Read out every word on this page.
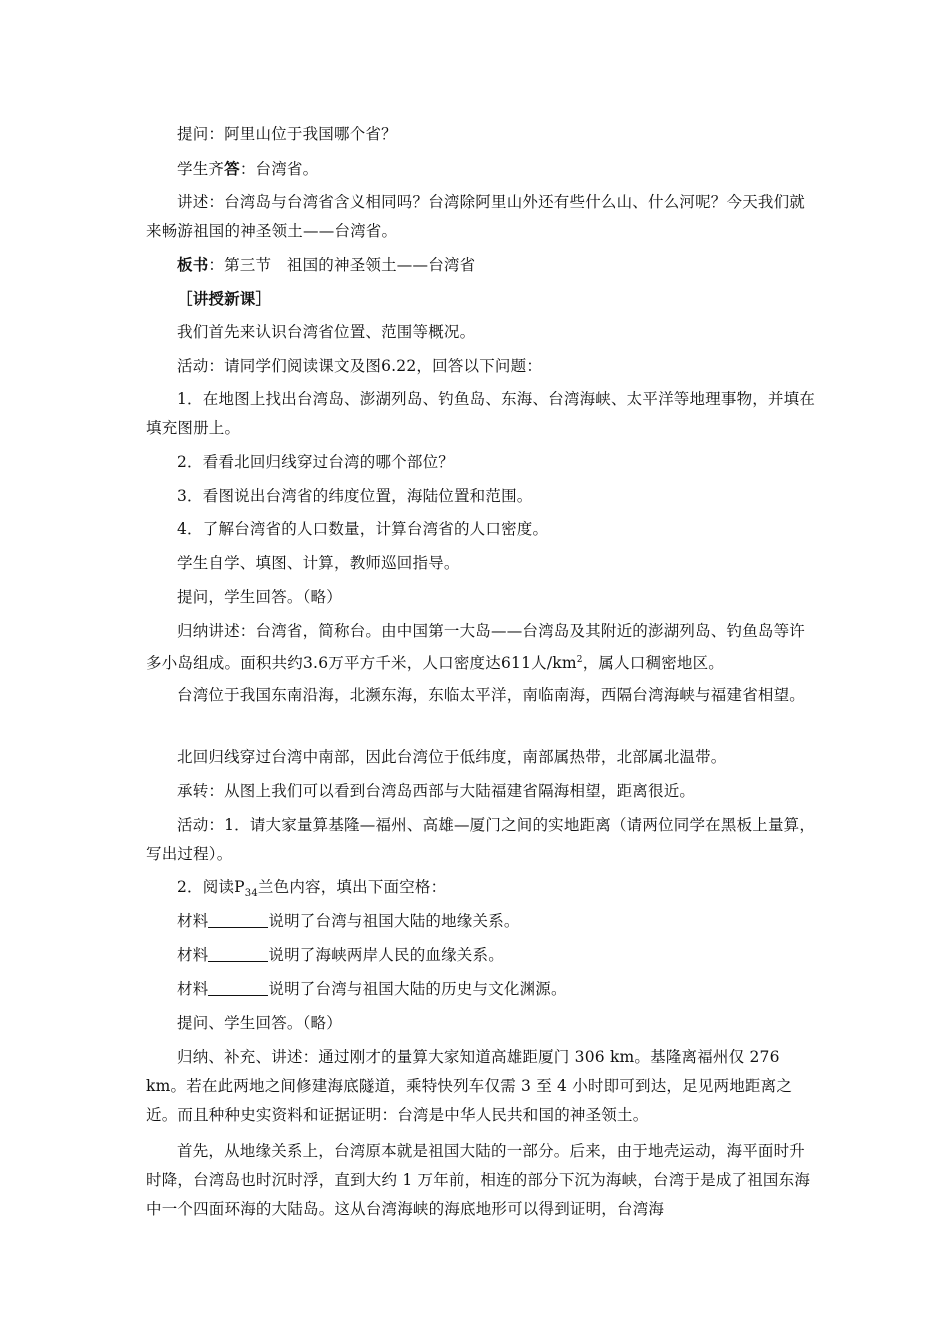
提问：阿里山位于我国哪个省？

学生齐答：台湾省。

讲述：台湾岛与台湾省含义相同吗？台湾除阿里山外还有些什么山、什么河呢？今天我们就来畅游祖国的神圣领土——台湾省。

板书：第三节　祖国的神圣领土——台湾省

［讲授新课］

我们首先来认识台湾省位置、范围等概况。

活动：请同学们阅读课文及图6.22，回答以下问题：

1．在地图上找出台湾岛、澎湖列岛、钓鱼岛、东海、台湾海峡、太平洋等地理事物，并填在填充图册上。

2．看看北回归线穿过台湾的哪个部位？

3．看图说出台湾省的纬度位置，海陆位置和范围。

4．了解台湾省的人口数量，计算台湾省的人口密度。

学生自学、填图、计算，教师巡回指导。

提问，学生回答。（略）

归纳讲述：台湾省，简称台。由中国第一大岛——台湾岛及其附近的澎湖列岛、钓鱼岛等许多小岛组成。面积共约3.6万平方千米，人口密度达611人$/km^2$，属人口稠密地区。

台湾位于我国东南沿海，北濒东海，东临太平洋，南临南海，西隔台湾海峡与福建省相望。

北回归线穿过台湾中南部，因此台湾位于低纬度，南部属热带，北部属北温带。

承转：从图上我们可以看到台湾岛西部与大陆福建省隔海相望，距离很近。

活动：1．请大家量算基隆—福州、高雄—厦门之间的实地距离（请两位同学在黑板上量算，写出过程）。

2．阅读$P_{34}$兰色内容，填出下面空格：

材料	说明了台湾与祖国大陆的地缘关系。

材料	说明了海峡两岸人民的血缘关系。

材料	说明了台湾与祖国大陆的历史与文化渊源。

提问、学生回答。（略）

归纳、补充、讲述：通过刚才的量算大家知道高雄距厦门 306 km。基隆离福州仅 276 km。若在此两地之间修建海底隧道，乘特快列车仅需 3 至 4 小时即可到达，足见两地距离之近。而且种种史实资料和证据证明：台湾是中华人民共和国的神圣领土。

首先，从地缘关系上，台湾原本就是祖国大陆的一部分。后来，由于地壳运动，海平面时升时降，台湾岛也时沉时浮，直到大约 1 万年前，相连的部分下沉为海峡，台湾于是成了祖国东海中一个四面环海的大陆岛。这从台湾海峡的海底地形可以得到证明，台湾海
